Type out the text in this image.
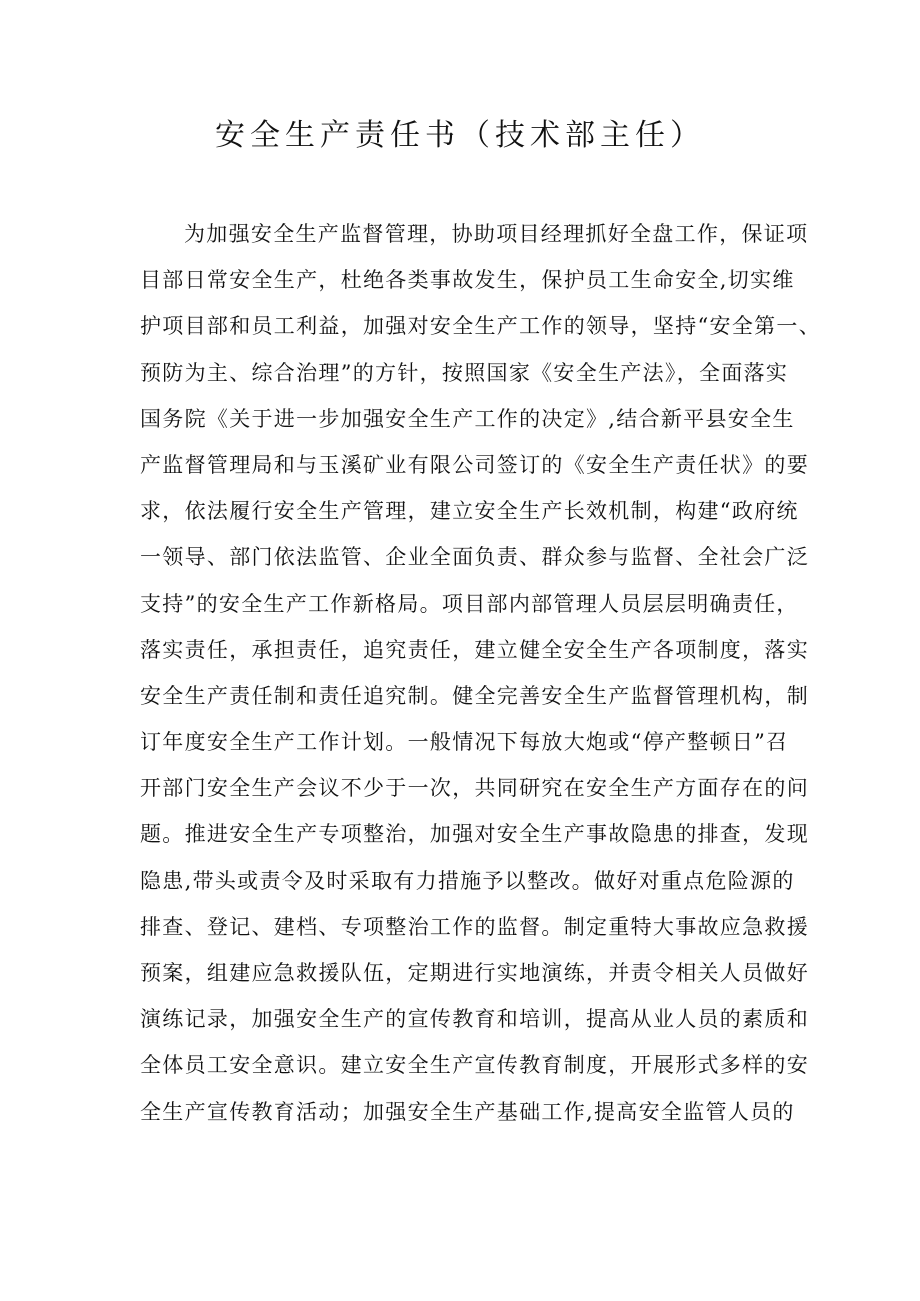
安全生产责任书（技术部主任）
为加强安全生产监督管理，协助项目经理抓好全盘工作，保证项
目部日常安全生产，杜绝各类事故发生，保护员工生命安全,切实维
护项目部和员工利益，加强对安全生产工作的领导，坚持“安全第一、
预防为主、综合治理”的方针，按照国家《安全生产法》，全面落实
国务院《关于进一步加强安全生产工作的决定》,结合新平县安全生
产监督管理局和与玉溪矿业有限公司签订的《安全生产责任状》的要
求，依法履行安全生产管理，建立安全生产长效机制，构建“政府统
一领导、部门依法监管、企业全面负责、群众参与监督、全社会广泛
支持”的安全生产工作新格局。项目部内部管理人员层层明确责任，
落实责任，承担责任，追究责任，建立健全安全生产各项制度，落实
安全生产责任制和责任追究制。健全完善安全生产监督管理机构，制
订年度安全生产工作计划。一般情况下每放大炮或“停产整顿日”召
开部门安全生产会议不少于一次，共同研究在安全生产方面存在的问
题。推进安全生产专项整治，加强对安全生产事故隐患的排查，发现
隐患,带头或责令及时采取有力措施予以整改。做好对重点危险源的
排查、登记、建档、专项整治工作的监督。制定重特大事故应急救援
预案，组建应急救援队伍，定期进行实地演练，并责令相关人员做好
演练记录，加强安全生产的宣传教育和培训，提高从业人员的素质和
全体员工安全意识。建立安全生产宣传教育制度，开展形式多样的安
全生产宣传教育活动；加强安全生产基础工作,提高安全监管人员的
